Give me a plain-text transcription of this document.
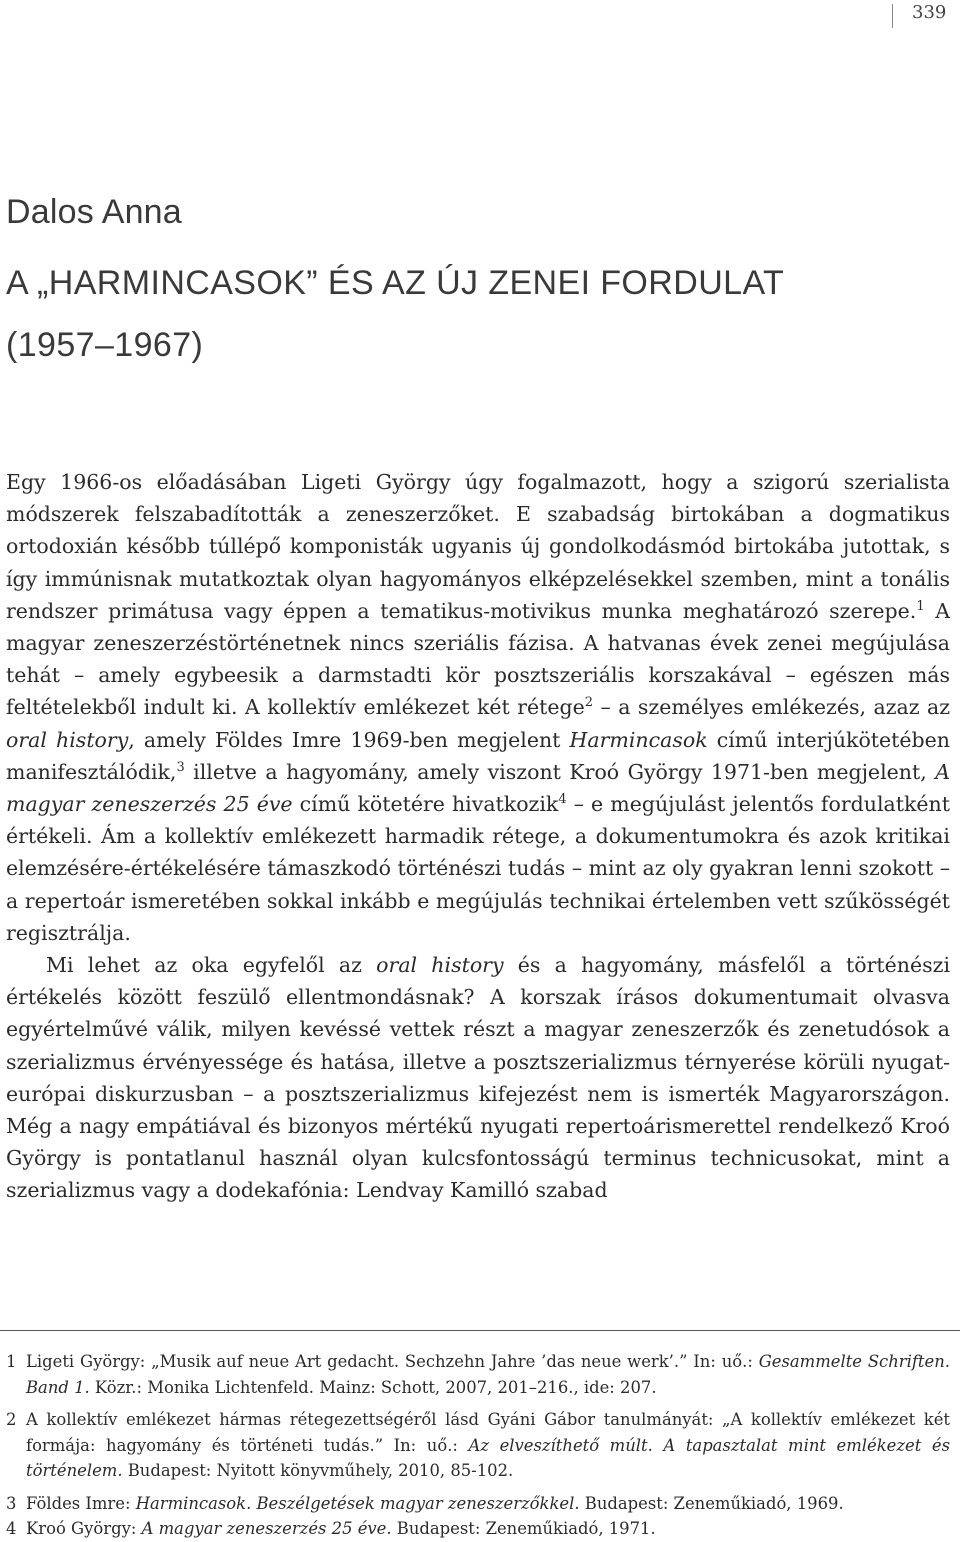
339
Dalos Anna
A „HARMINCASOK” ÉS AZ ÚJ ZENEI FORDULAT
(1957–1967)

Egy 1966-os előadásában Ligeti György úgy fogalmazott, hogy a szigorú szerialista módszerek felszabadították a zeneszerzőket. E szabadság birtokában a dogmatikus ortodoxián később túllépő komponisták ugyanis új gondolkodásmód birtokába jutottak, s így immúnisnak mutatkoztak olyan hagyományos elképzelésekkel szemben, mint a tonális rendszer primátusa vagy éppen a tematikus-motivikus munka meghatározó szerepe.$^1$ A magyar zeneszerzéstörténetnek nincs szeriális fázisa. A hatvanas évek zenei megújulása tehát – amely egybeesik a darmstadti kör posztszeriális korszakával – egészen más feltételekből indult ki. A kollektív emlékezet két rétege$^2$ – a személyes emlékezés, azaz az oral history, amely Földes Imre 1969-ben megjelent Harmincasok című interjúkötetében manifesztálódik,$^3$ illetve a hagyomány, amely viszont Kroó György 1971-ben megjelent, A magyar zeneszerzés 25 éve című kötetére hivatkozik$^4$ – e megújulást jelentős fordulatként értékeli. Ám a kollektív emlékezett harmadik rétege, a dokumentumokra és azok kritikai elemzésére-értékelésére támaszkodó történészi tudás – mint az oly gyakran lenni szokott – a repertoár ismeretében sokkal inkább e megújulás technikai értelemben vett szűkösségét regisztrálja.

Mi lehet az oka egyfelől az oral history és a hagyomány, másfelől a történészi értékelés között feszülő ellentmondásnak? A korszak írásos dokumentumait olvasva egyértelművé válik, milyen kevéssé vettek részt a magyar zeneszerzők és zenetudósok a szerializmus érvényessége és hatása, illetve a posztszerializmus térnyerése körüli nyugat-európai diskurzusban – a posztszerializmus kifejezést nem is ismerték Magyarországon. Még a nagy empátiával és bizonyos mértékű nyugati repertoárismerettel rendelkező Kroó György is pontatlanul használ olyan kulcsfontosságú terminus technicusokat, mint a szerializmus vagy a dodekafónia: Lendvay Kamilló szabad

1 Ligeti György: „Musik auf neue Art gedacht. Sechzehn Jahre ’das neue werk’.” In: uő.: Gesammelte Schriften. Band 1. Közr.: Monika Lichtenfeld. Mainz: Schott, 2007, 201–216., ide: 207.
2 A kollektív emlékezet hármas rétegezettségéről lásd Gyáni Gábor tanulmányát: „A kollektív emlékezet két formája: hagyomány és történeti tudás.” In: uő.: Az elveszíthető múlt. A tapasztalat mint emlékezet és történelem. Budapest: Nyitott könyvműhely, 2010, 85-102.
3 Földes Imre: Harmincasok. Beszélgetések magyar zeneszerzőkkel. Budapest: Zeneműkiadó, 1969.
4 Kroó György: A magyar zeneszerzés 25 éve. Budapest: Zeneműkiadó, 1971.
